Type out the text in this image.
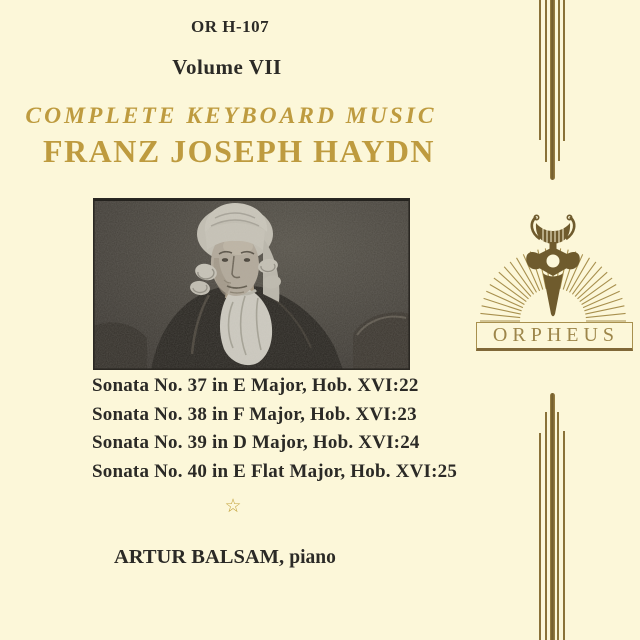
OR H-107
Volume VII
COMPLETE KEYBOARD MUSIC
FRANZ JOSEPH HAYDN
Sonata No. 37 in E Major, Hob. XVI:22
Sonata No. 38 in F Major, Hob. XVI:23
Sonata No. 39 in D Major, Hob. XVI:24
Sonata No. 40 in E Flat Major, Hob. XVI:25
☆
ARTUR BALSAM, piano
ORPHEUS
